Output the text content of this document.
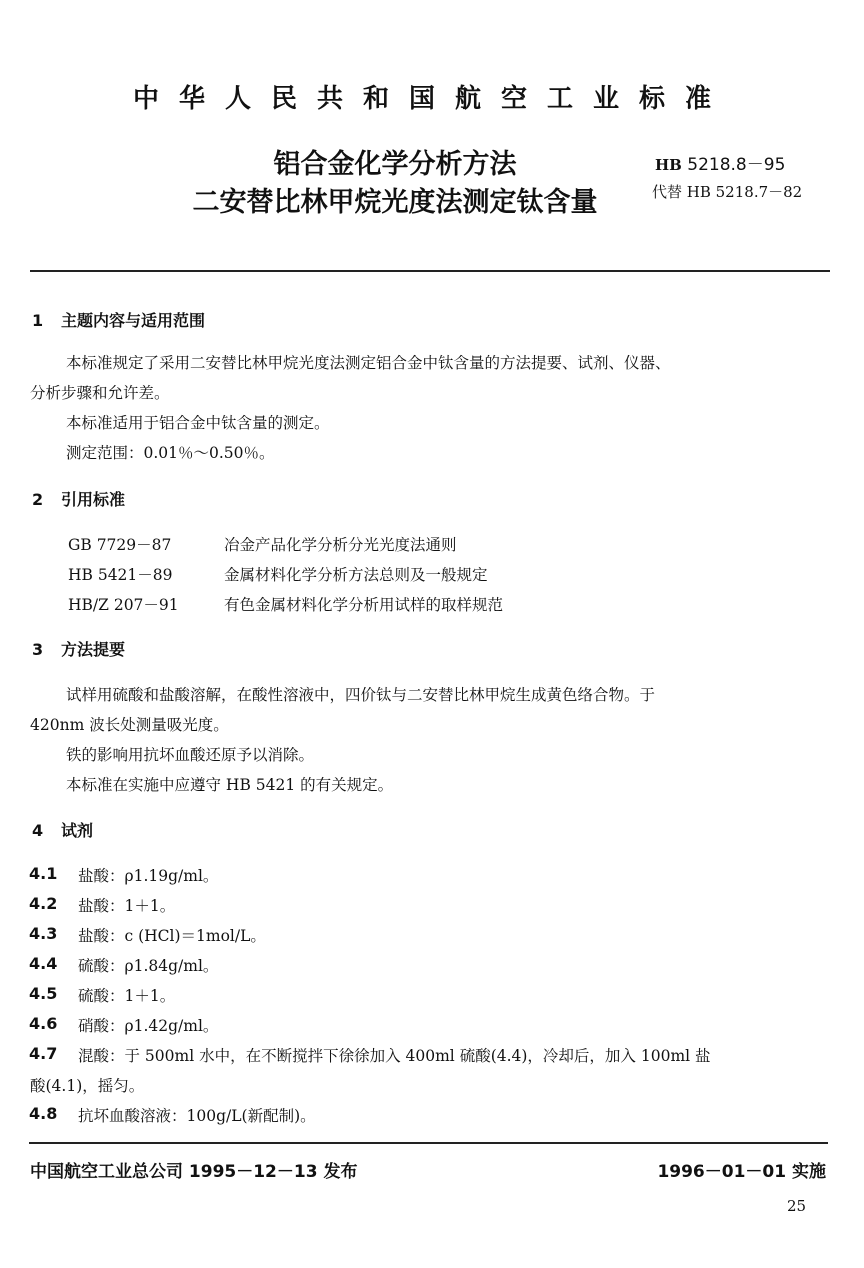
中华人民共和国航空工业标准
铝合金化学分析方法
二安替比林甲烷光度法测定钛含量
HB 5218.8－95
代替 HB 5218.7－82
1 主题内容与适用范围
本标准规定了采用二安替比林甲烷光度法测定铝合金中钛含量的方法提要、试剂、仪器、
分析步骤和允许差。
本标准适用于铝合金中钛含量的测定。
测定范围：0.01％～0.50％。
2 引用标准
GB 7729－87	冶金产品化学分析分光光度法通则
HB 5421－89	金属材料化学分析方法总则及一般规定
HB/Z 207－91	有色金属材料化学分析用试样的取样规范
3 方法提要
试样用硫酸和盐酸溶解，在酸性溶液中，四价钛与二安替比林甲烷生成黄色络合物。于
420nm 波长处测量吸光度。
铁的影响用抗坏血酸还原予以消除。
本标准在实施中应遵守 HB 5421 的有关规定。
4 试剂
4.1 盐酸：ρ1.19g/ml。
4.2 盐酸：1＋1。
4.3 盐酸：c (HCl)＝1mol/L。
4.4 硫酸：ρ1.84g/ml。
4.5 硫酸：1＋1。
4.6 硝酸：ρ1.42g/ml。
4.7 混酸：于 500ml 水中，在不断搅拌下徐徐加入 400ml 硫酸(4.4)，冷却后，加入 100ml 盐
酸(4.1)，摇匀。
4.8 抗坏血酸溶液：100g/L(新配制)。
中国航空工业总公司 1995－12－13 发布	1996－01－01 实施
25
